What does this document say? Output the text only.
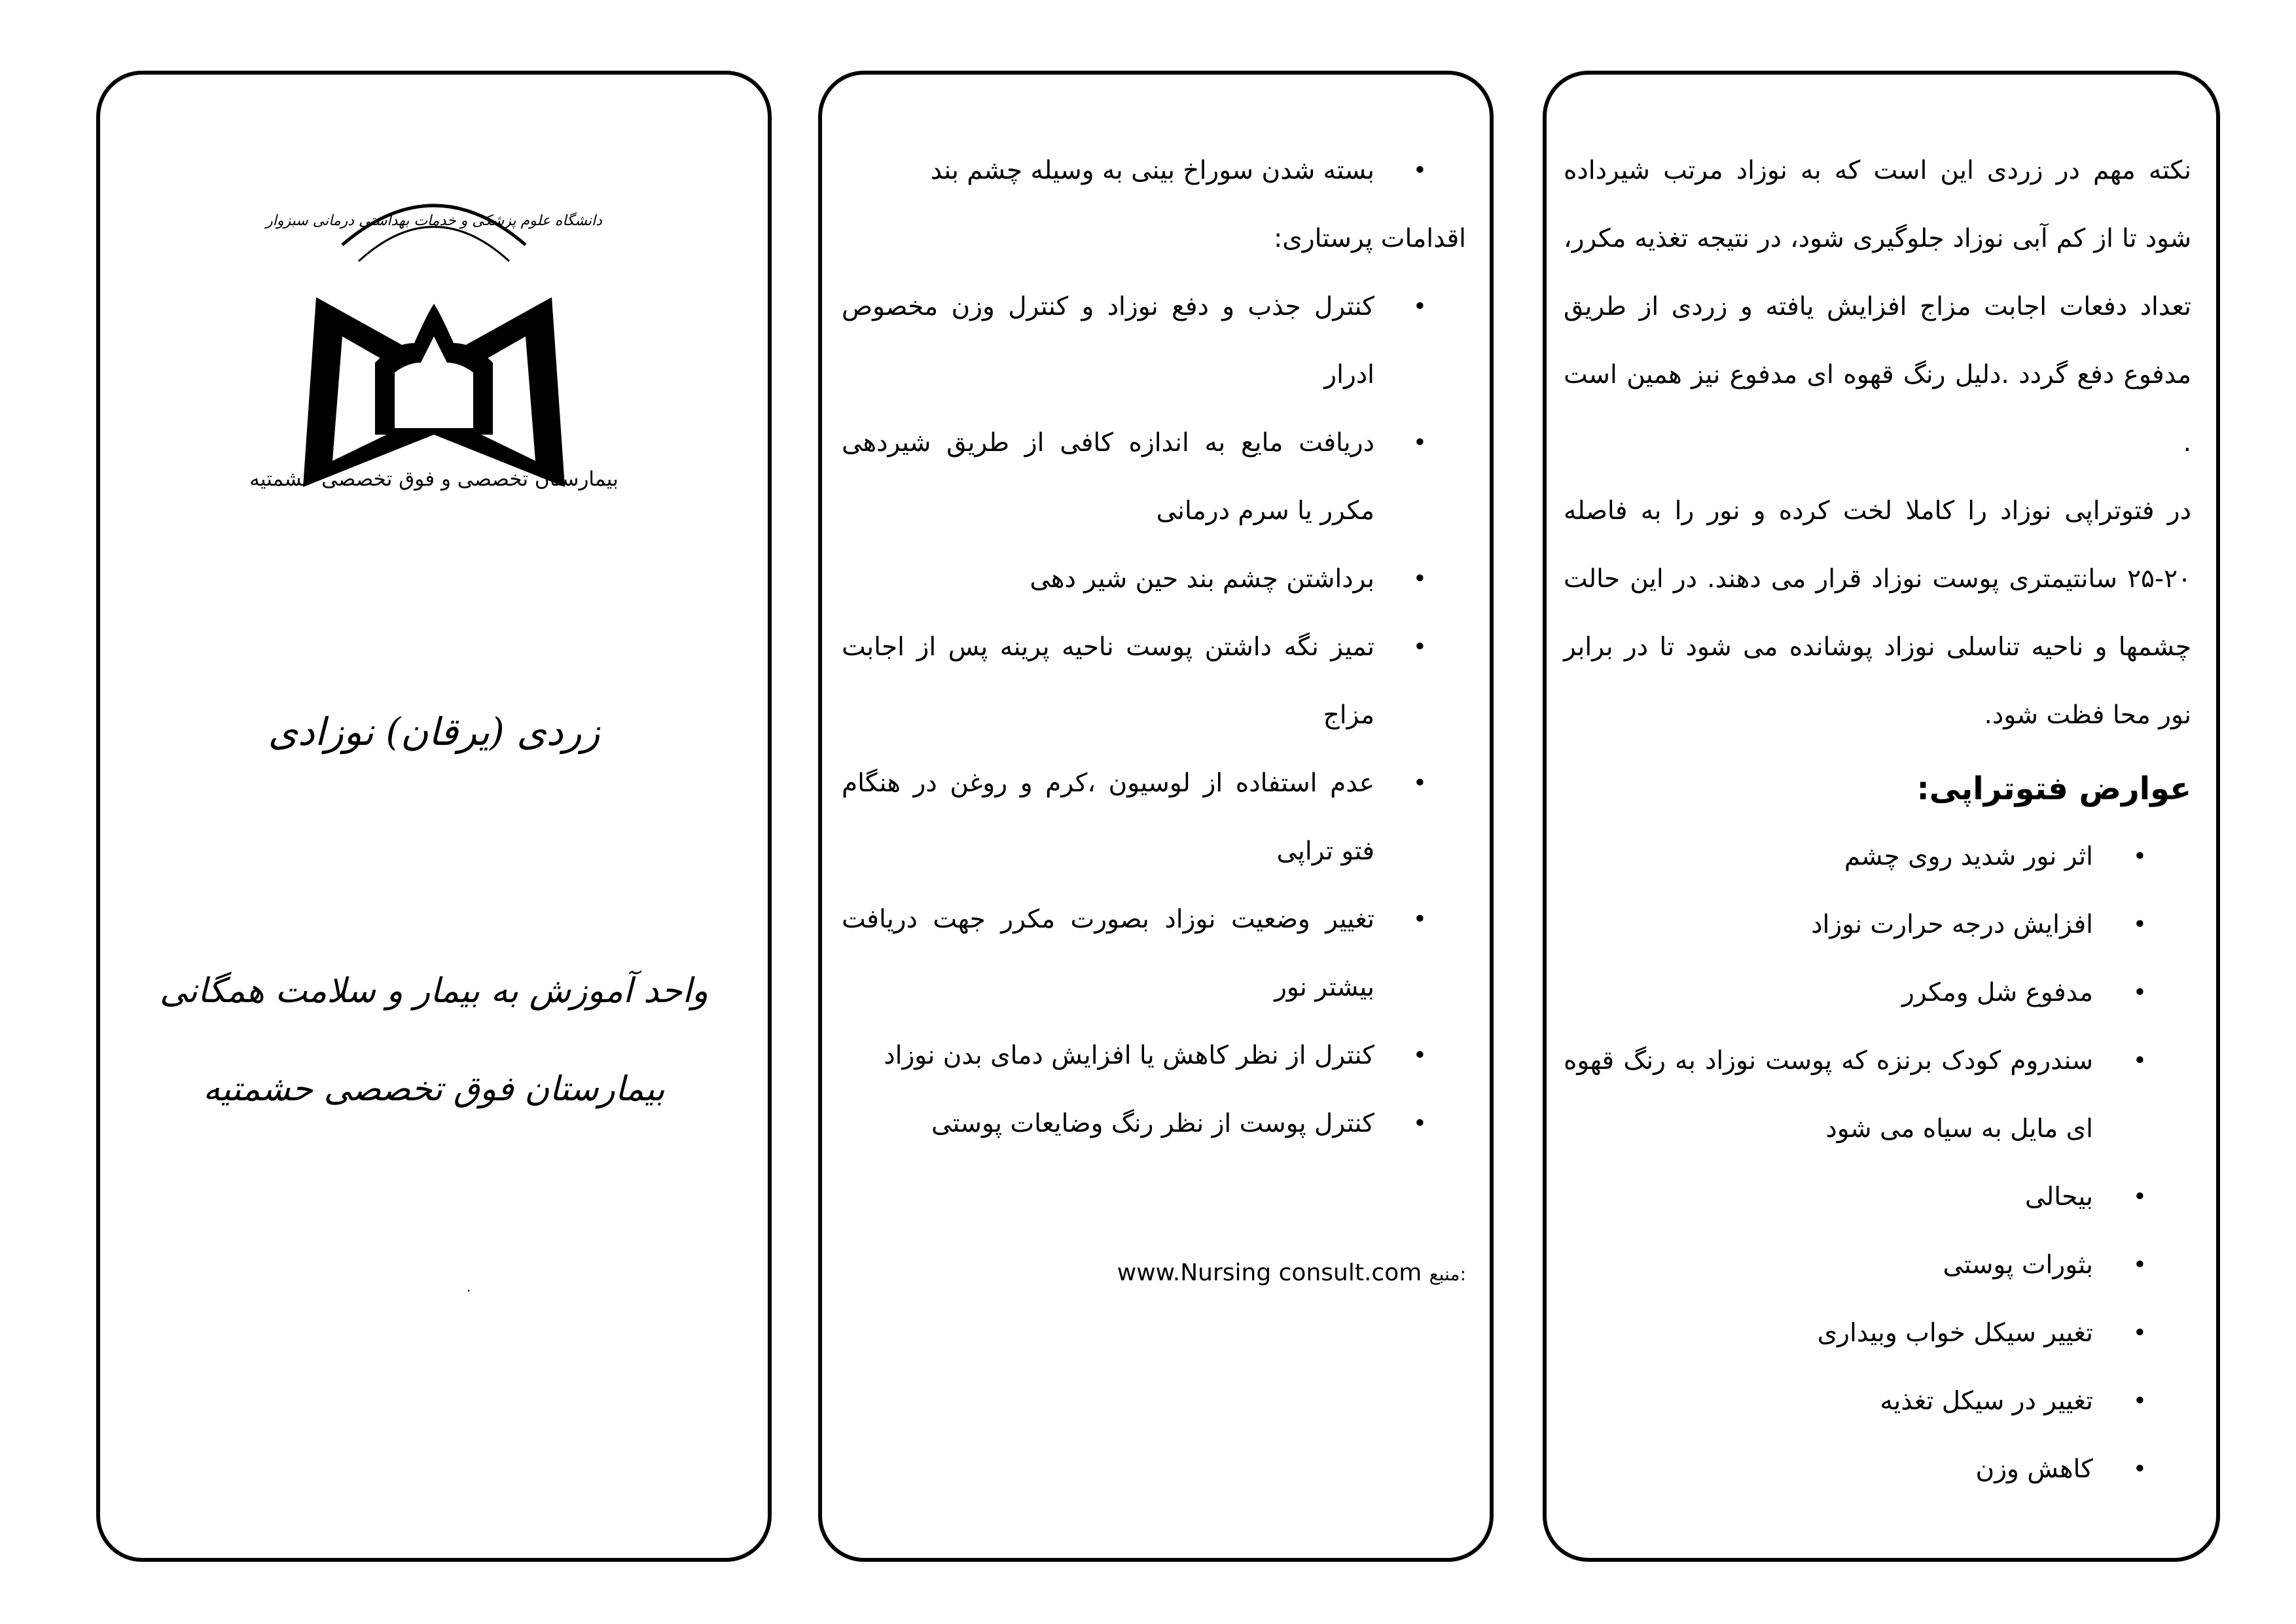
دانشگاه علوم پزشکی و خدمات بهداشتی درمانی سبزوار
بیمارستان تخصصی و فوق تخصصی حشمتیه
زردی (یرقان) نوزادی
واحد آموزش به بیمار و سلامت همگانی
بیمارستان فوق تخصصی حشمتیه
.
• بسته شدن سوراخ بینی به وسیله چشم بند
اقدامات پرستاری:
• کنترل جذب و دفع نوزاد و کنترل وزن مخصوص ادرار
• دریافت مایع به اندازه کافی از طریق شیردهی مکرر یا سرم درمانی
• برداشتن چشم بند حین شیر دهی
• تمیز نگه داشتن پوست ناحیه پرینه پس از اجابت مزاج
• عدم استفاده از لوسیون ،کرم و روغن در هنگام فتو تراپی
• تغییر وضعیت نوزاد بصورت مکرر جهت دریافت بیشتر نور
• کنترل از نظر کاهش یا افزایش دمای بدن نوزاد
• کنترل پوست از نظر رنگ وضایعات پوستی
www.Nursing consult.com منبع:

نکته مهم در زردی این است که به نوزاد مرتب شیرداده شود تا از کم آبی نوزاد جلوگیری شود، در نتیجه تغذیه مکرر، تعداد دفعات اجابت مزاج افزایش یافته و زردی از طریق مدفوع دفع گردد .دلیل رنگ قهوه ای مدفوع نیز همین است .

در فتوتراپی نوزاد را کاملا لخت کرده و نور را به فاصله ۲۰-۲۵ سانتیمتری پوست نوزاد قرار می دهند. در این حالت چشمها و ناحیه تناسلی نوزاد پوشانده می شود تا در برابر نور محا فظت شود.

عوارض فتوتراپی:
• اثر نور شدید روی چشم
• افزایش درجه حرارت نوزاد
• مدفوع شل ومکرر
• سندروم کودک برنزه که پوست نوزاد به رنگ قهوه ای مایل به سیاه می شود
• بیحالی
• بثورات پوستی
• تغییر سیکل خواب وبیداری
• تغییر در سیکل تغذیه
• کاهش وزن
